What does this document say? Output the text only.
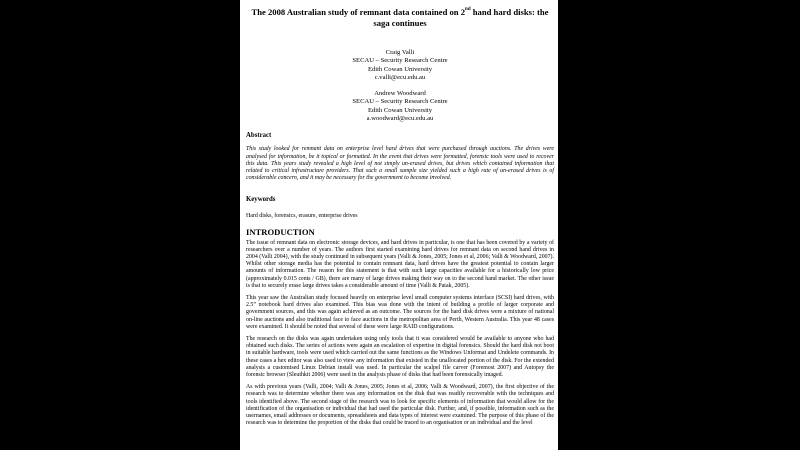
The 2008 Australian study of remnant data contained on 2nd hand hard disks: the saga continues
Craig Valli
SECAU – Security Research Centre
Edith Cowan University
c.valli@ecu.edu.au
Andrew Woodward
SECAU – Security Research Centre
Edith Cowan University
a.woodward@ecu.edu.au
Abstract
This study looked for remnant data on enterprise level hard drives that were purchased through auctions. The drives were analysed for information, be it topical or formatted. In the event that drives were formatted, forensic tools were used to recover this data. This years study revealed a high level of not simply un-erased drives, but drives which contained information that related to critical infrastructure providers. That such a small sample size yielded such a high rate of un-erased drives is of considerable concern, and it may be necessary for the government to become involved.
Keywords
Hard disks, forensics, erasure, enterprise drives
INTRODUCTION
The issue of remnant data on electronic storage devices, and hard drives in particular, is one that has been covered by a variety of researchers over a number of years. The authors first started examining hard drives for remnant data on second hand drives in 2004 (Valli 2004), with the study continued in subsequent years (Valli & Jones, 2005; Jones et al, 2006; Valli & Woodward, 2007). Whilst other storage media has the potential to contain remnant data, hard drives have the greatest potential to contain larger amounts of information. The reason for this statement is that with such large capacities available for a historically low price (approximately 0.015 cents / GB), there are many of large drives making their way on to the second hand market. The other issue is that to securely erase large drives takes a considerable amount of time (Valli & Patak, 2005).
This year saw the Australian study focused heavily on enterprise level small computer systems interface (SCSI) hard drives, with 2.5” notebook hard drives also examined. This bias was done with the intent of building a profile of larger corporate and government sources, and this was again achieved as an outcome. The sources for the hard disk drives were a mixture of national on-line auctions and also traditional face to face auctions in the metropolitan area of Perth, Western Australia. This year 48 cases were examined. It should be noted that several of these were large RAID configurations.
The research on the disks was again undertaken using only tools that it was considered would be available to anyone who had obtained such disks. The series of actions were again an escalation of expertise in digital forensics. Should the hard disk not boot in suitable hardware, tools were used which carried out the same functions as the Windows Unformat and Undelete commands. In these cases a hex editor was also used to view any information that existed in the unallocated portion of the disk. For the extended analysis a customised Linux Debian install was used. In particular the scalpel file carver (Foremost 2007) and Autopsy the forensic browser (Sleuthkit 2006) were used in the analysis phase of disks that had been forensically imaged.
As with previous years (Valli, 2004; Valli & Jones, 2005; Jones et al, 2006; Valli & Woodward, 2007), the first objective of the research was to determine whether there was any information on the disk that was readily recoverable with the techniques and tools identified above. The second stage of the research was to look for specific elements of information that would allow for the identification of the organisation or individual that had used the particular disk. Further, and, if possible, information such as the usernames, email addresses or documents, spreadsheets and data types of interest were examined. The purpose of this phase of the research was to determine the proportion of the disks that could be traced to an organisation or an individual and the level
